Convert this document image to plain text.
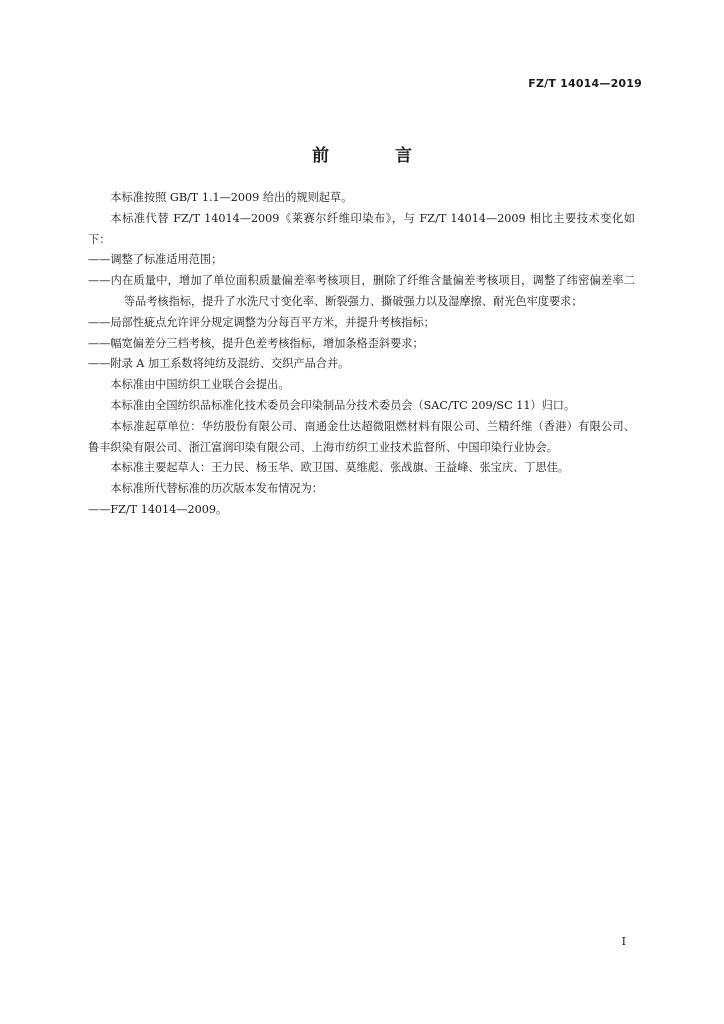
FZ/T 14014—2019
前 言

本标准按照 GB/T 1.1—2009 给出的规则起草。

本标准代替 FZ/T 14014—2009《莱赛尔纤维印染布》，与 FZ/T 14014—2009 相比主要技术变化如下：

——调整了标准适用范围；

——内在质量中，增加了单位面积质量偏差率考核项目，删除了纤维含量偏差考核项目，调整了纬密偏差率二等品考核指标，提升了水洗尺寸变化率、断裂强力、撕破强力以及湿摩擦、耐光色牢度要求；

——局部性疵点允许评分规定调整为分每百平方米，并提升考核指标；

——幅宽偏差分三档考核，提升色差考核指标，增加条格歪斜要求；

——附录 A 加工系数将纯纺及混纺、交织产品合并。

本标准由中国纺织工业联合会提出。

本标准由全国纺织品标准化技术委员会印染制品分技术委员会（SAC/TC 209/SC 11）归口。

本标准起草单位：华纺股份有限公司、南通金仕达超微阻燃材料有限公司、兰精纤维（香港）有限公司、鲁丰织染有限公司、浙江富润印染有限公司、上海市纺织工业技术监督所、中国印染行业协会。

本标准主要起草人：王力民、杨玉华、欧卫国、莫维彪、张战旗、王益峰、张宝庆、丁思佳。

本标准所代替标准的历次版本发布情况为：

——FZ/T 14014—2009。

I
